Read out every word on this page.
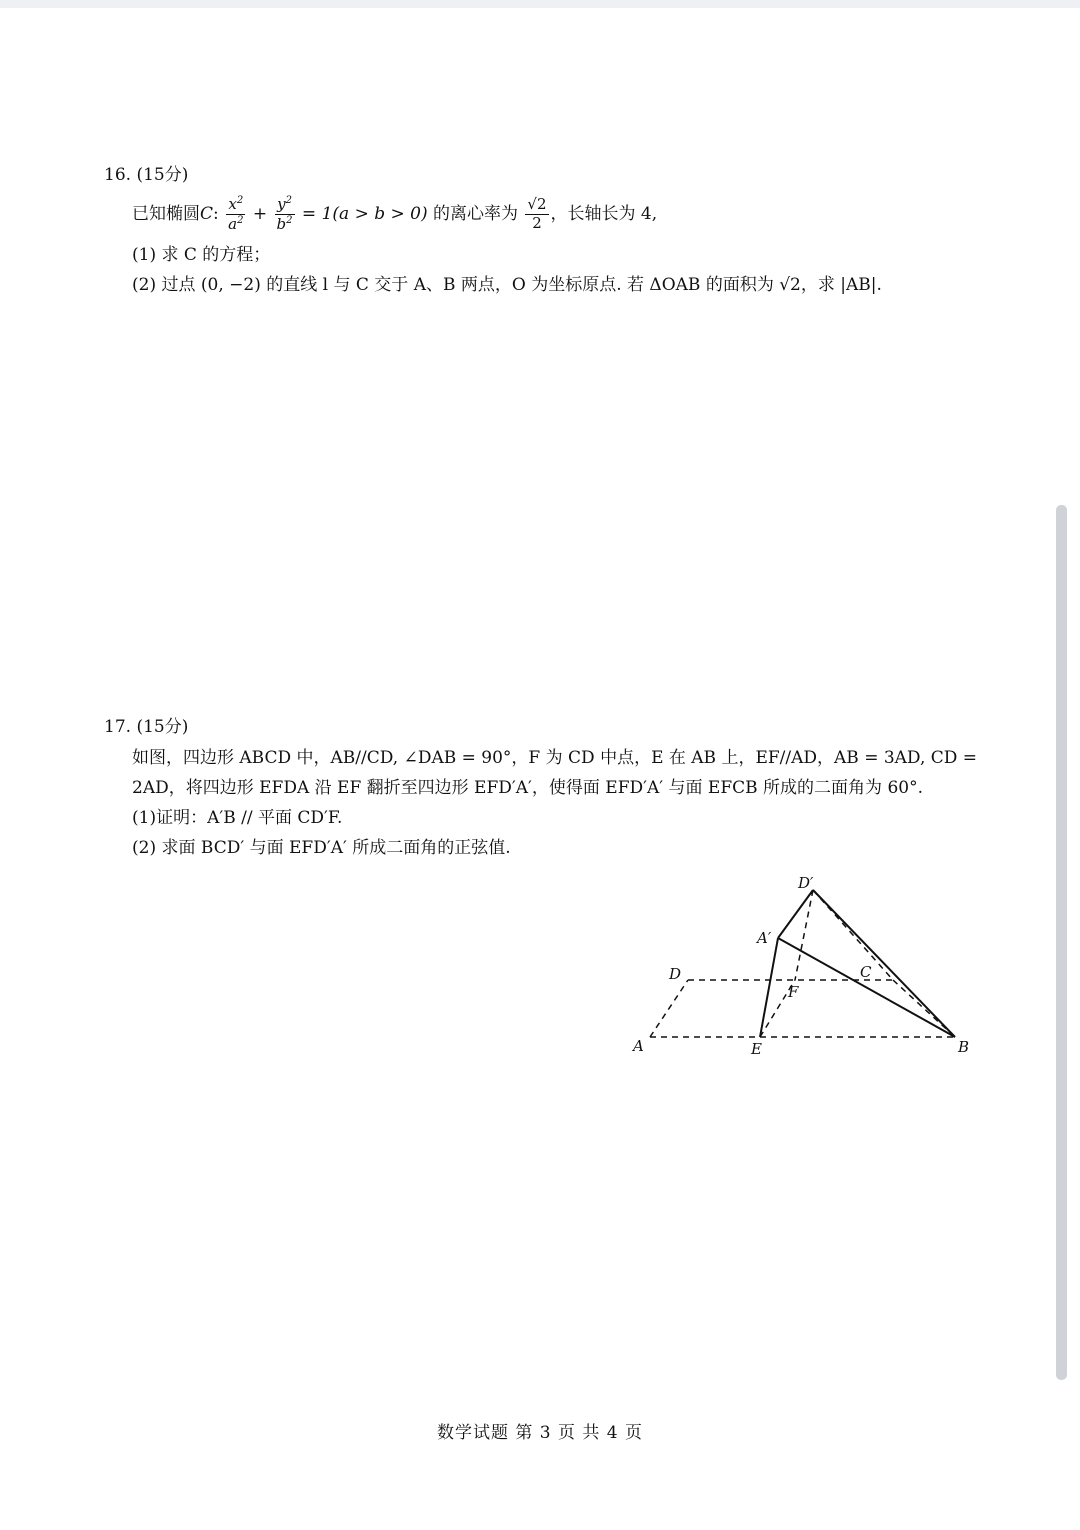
16. (15分)
已知椭圆C: $\frac{x^2}{a^2} + \frac{y^2}{b^2} = 1(a > b > 0)$ 的离心率为 $\frac{√2}{2}$ ，长轴长为 4,
(1) 求 C 的方程；
(2) 过点 (0, −2) 的直线 l 与 C 交于 A、B 两点，O 为坐标原点. 若 ΔOAB 的面积为 √2，求 |AB|.
17. (15分)
如图，四边形 ABCD 中，AB//CD, ∠DAB = 90°，F 为 CD 中点，E 在 AB 上，EF//AD，AB = 3AD, CD =
2AD，将四边形 EFDA 沿 EF 翻折至四边形 EFD′A′，使得面 EFD′A′ 与面 EFCB 所成的二面角为 60°.
(1)证明：A′B // 平面 CD′F.
(2) 求面 BCD′ 与面 EFD′A′ 所成二面角的正弦值.
D′
A′
D	C
F
A	E	B
数学试题 第 3 页 共 4 页
